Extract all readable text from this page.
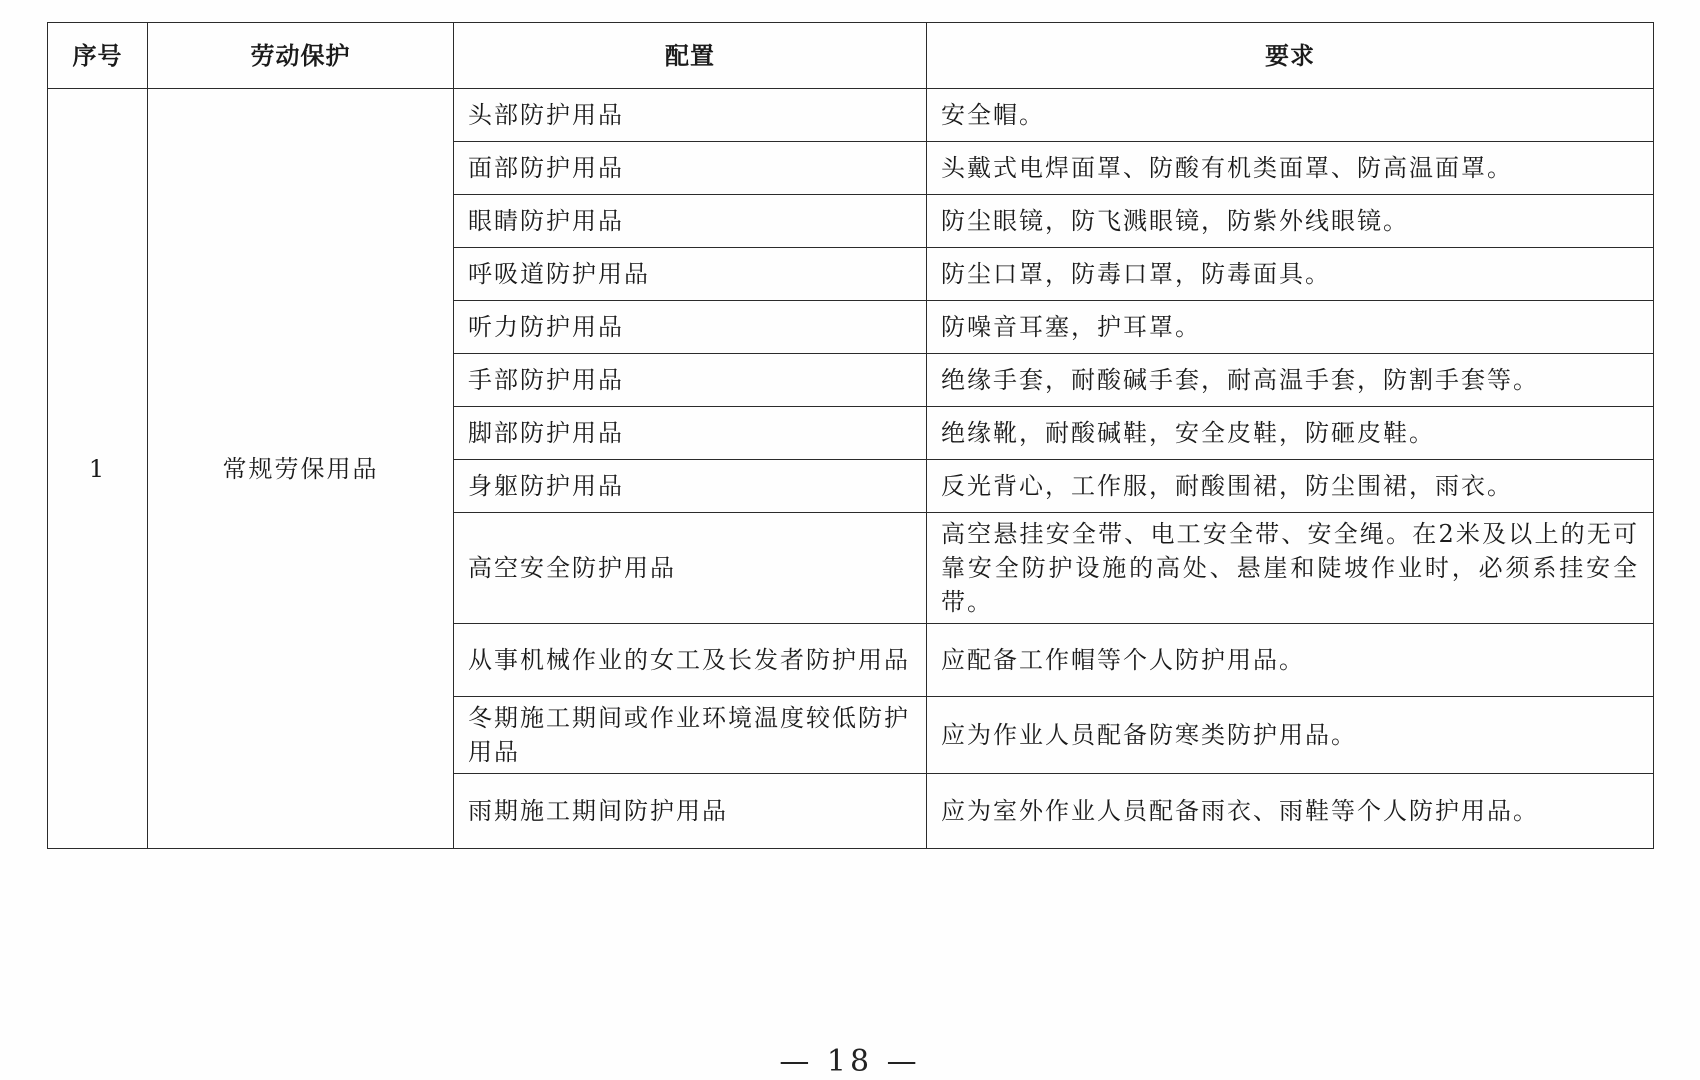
序号	劳动保护	配置	要求
1	常规劳保用品	头部防护用品	安全帽。
		面部防护用品	头戴式电焊面罩、防酸有机类面罩、防高温面罩。
		眼睛防护用品	防尘眼镜，防飞溅眼镜，防紫外线眼镜。
		呼吸道防护用品	防尘口罩，防毒口罩，防毒面具。
		听力防护用品	防噪音耳塞，护耳罩。
		手部防护用品	绝缘手套，耐酸碱手套，耐高温手套，防割手套等。
		脚部防护用品	绝缘靴，耐酸碱鞋，安全皮鞋，防砸皮鞋。
		身躯防护用品	反光背心，工作服，耐酸围裙，防尘围裙，雨衣。
		高空安全防护用品	高空悬挂安全带、电工安全带、安全绳。在2米及以上的无可靠安全防护设施的高处、悬崖和陡坡作业时，必须系挂安全带。
		从事机械作业的女工及长发者防护用品	应配备工作帽等个人防护用品。
		冬期施工期间或作业环境温度较低防护用品	应为作业人员配备防寒类防护用品。
		雨期施工期间防护用品	应为室外作业人员配备雨衣、雨鞋等个人防护用品。
— 18 —
